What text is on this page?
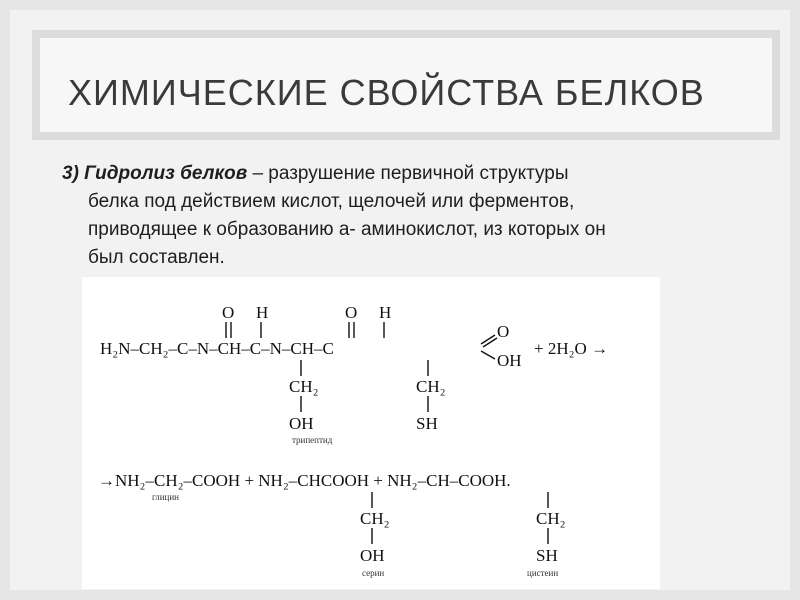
ХИМИЧЕСКИЕ СВОЙСТВА БЕЛКОВ
3) Гидролиз белков – разрушение первичной структуры
белка под действием кислот, щелочей или ферментов,
приводящее к образованию а- аминокислот, из которых он
был составлен.
O H	O H
H₂N–CH₂–C–N–CH–C–N–CH–C
O
OH
+ 2H₂O →
CH₂
OH
CH₂
SH
трипептид
→NH₂–CH₂–COOH + NH₂–CHCOOH + NH₂–CH–COOH.
глицин
CH₂
OH
CH₂
SH
серин	цистеин
